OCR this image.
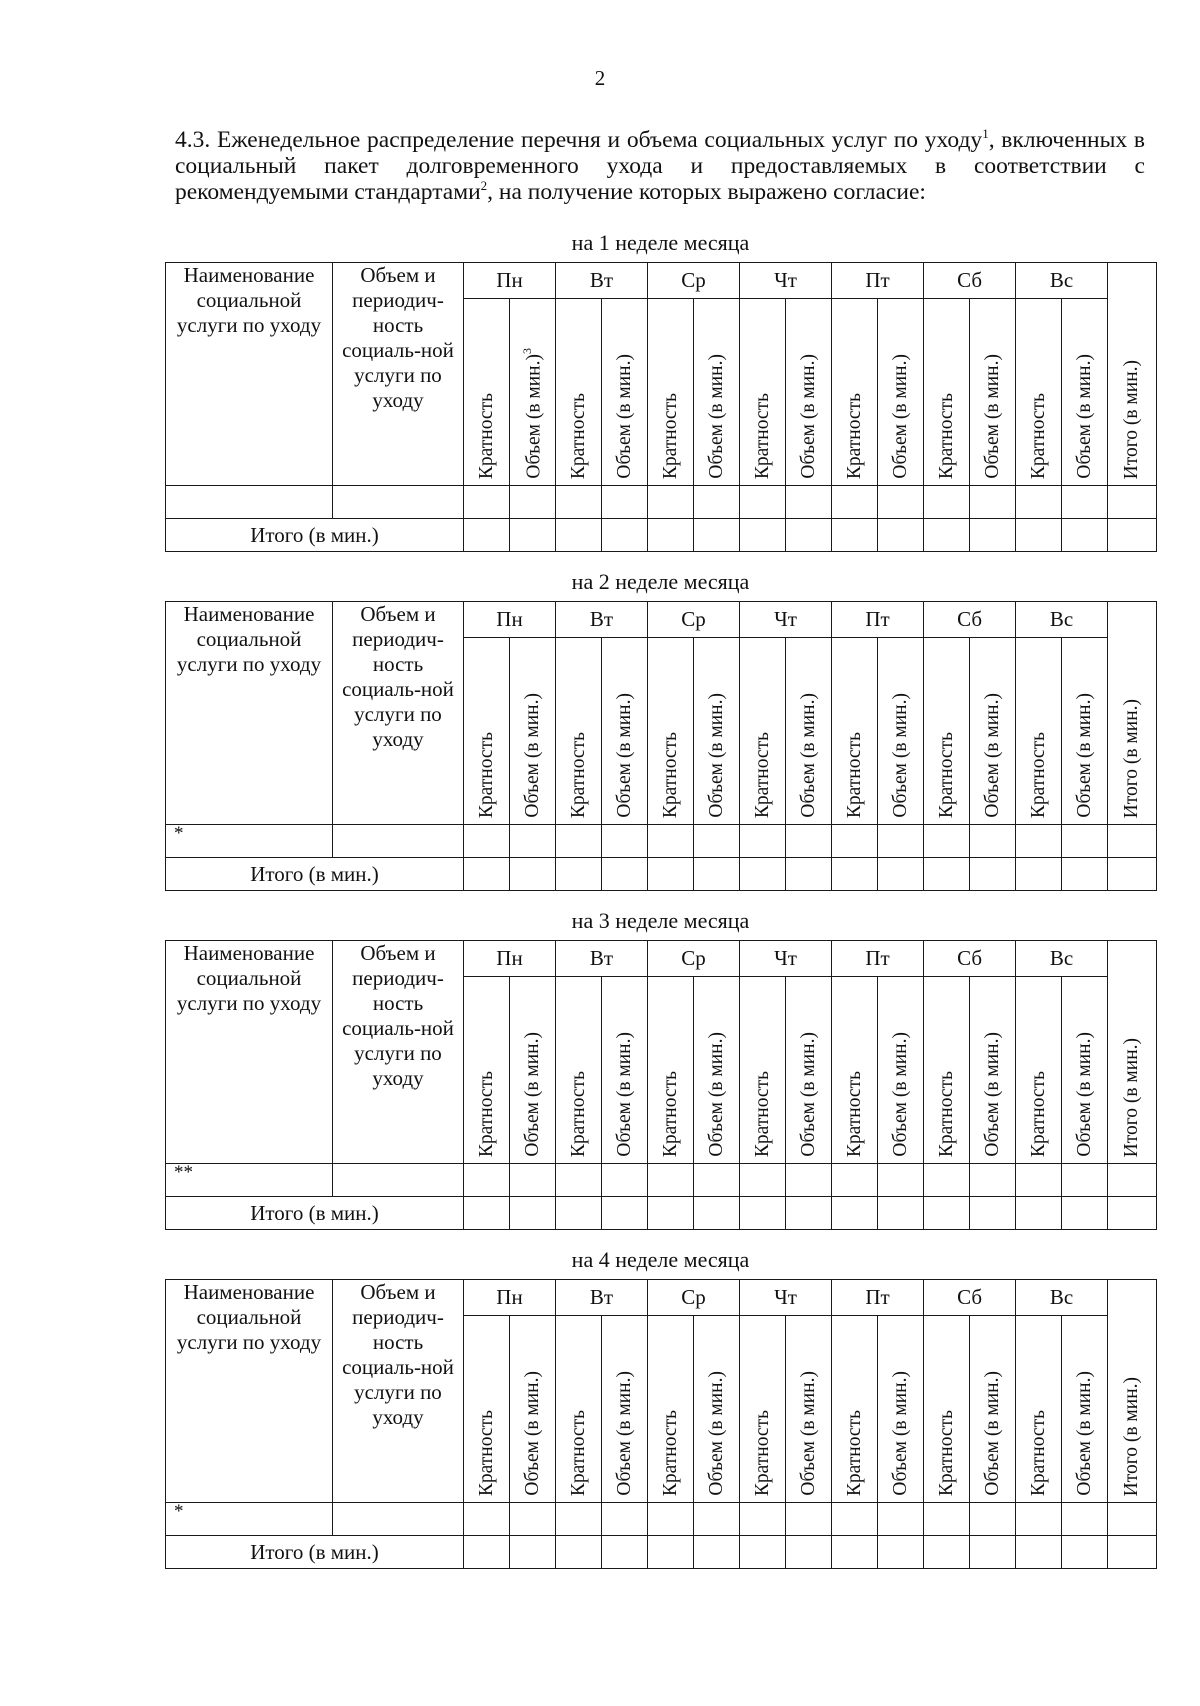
2

4.3. Еженедельное распределение перечня и объема социальных услуг по уходу$^1$, включенных в социальный пакет долговременного ухода и предоставляемых в соответствии с рекомендуемыми стандартами$^2$, на получение которых выражено согласие:

на 1 неделе месяца
Наименование социальной услуги по уходу	Объем и периодич-ность социаль-ной услуги по уходу	Пн		Вт		Ср		Чт		Пт		Сб		Вс		Итого (в мин.)
		Кратность	Объем (в мин.)$^3$	Кратность	Объем (в мин.)	Кратность	Объем (в мин.)	Кратность	Объем (в мин.)	Кратность	Объем (в мин.)	Кратность	Объем (в мин.)	Кратность	Объем (в мин.)	

Итого (в мин.)																
на 2 неделе месяца
Наименование социальной услуги по уходу	Объем и периодич-ность социаль-ной услуги по уходу	Пн		Вт		Ср		Чт		Пт		Сб		Вс		Итого (в мин.)
		Кратность	Объем (в мин.)	Кратность	Объем (в мин.)	Кратность	Объем (в мин.)	Кратность	Объем (в мин.)	Кратность	Объем (в мин.)	Кратность	Объем (в мин.)	Кратность	Объем (в мин.)	
*																
Итого (в мин.)																
на 3 неделе месяца
Наименование социальной услуги по уходу	Объем и периодич-ность социаль-ной услуги по уходу	Пн		Вт		Ср		Чт		Пт		Сб		Вс		Итого (в мин.)
		Кратность	Объем (в мин.)	Кратность	Объем (в мин.)	Кратность	Объем (в мин.)	Кратность	Объем (в мин.)	Кратность	Объем (в мин.)	Кратность	Объем (в мин.)	Кратность	Объем (в мин.)	
**																
Итого (в мин.)																
на 4 неделе месяца
Наименование социальной услуги по уходу	Объем и периодич-ность социаль-ной услуги по уходу	Пн		Вт		Ср		Чт		Пт		Сб		Вс		Итого (в мин.)
		Кратность	Объем (в мин.)	Кратность	Объем (в мин.)	Кратность	Объем (в мин.)	Кратность	Объем (в мин.)	Кратность	Объем (в мин.)	Кратность	Объем (в мин.)	Кратность	Объем (в мин.)	
*																
Итого (в мин.)																
